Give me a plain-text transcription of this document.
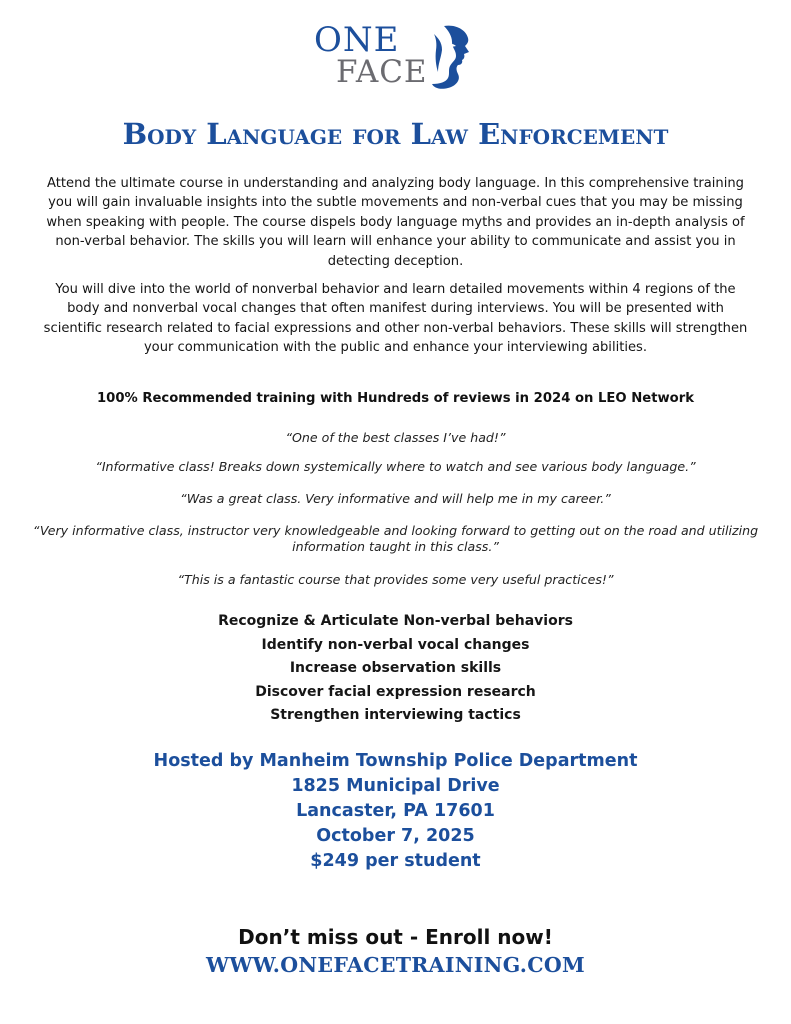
ONE
FACE
Body Language for Law Enforcement

Attend the ultimate course in understanding and analyzing body language. In this comprehensive training you will gain invaluable insights into the subtle movements and non-verbal cues that you may be missing when speaking with people. The course dispels body language myths and provides an in-depth analysis of non-verbal behavior. The skills you will learn will enhance your ability to communicate and assist you in detecting deception.

You will dive into the world of nonverbal behavior and learn detailed movements within 4 regions of the body and nonverbal vocal changes that often manifest during interviews. You will be presented with scientific research related to facial expressions and other non-verbal behaviors. These skills will strengthen your communication with the public and enhance your interviewing abilities.

100% Recommended training with Hundreds of reviews in 2024 on LEO Network

“One of the best classes I’ve had!”

“Informative class! Breaks down systemically where to watch and see various body language.”

“Was a great class. Very informative and will help me in my career.”

“Very informative class, instructor very knowledgeable and looking forward to getting out on the road and utilizing information taught in this class.”

“This is a fantastic course that provides some very useful practices!”

Recognize & Articulate Non-verbal behaviors
Identify non-verbal vocal changes
Increase observation skills
Discover facial expression research
Strengthen interviewing tactics
Hosted by Manheim Township Police Department
1825 Municipal Drive
Lancaster, PA 17601
October 7, 2025
$249 per student

Don’t miss out - Enroll now!

WWW.ONEFACETRAINING.COM
